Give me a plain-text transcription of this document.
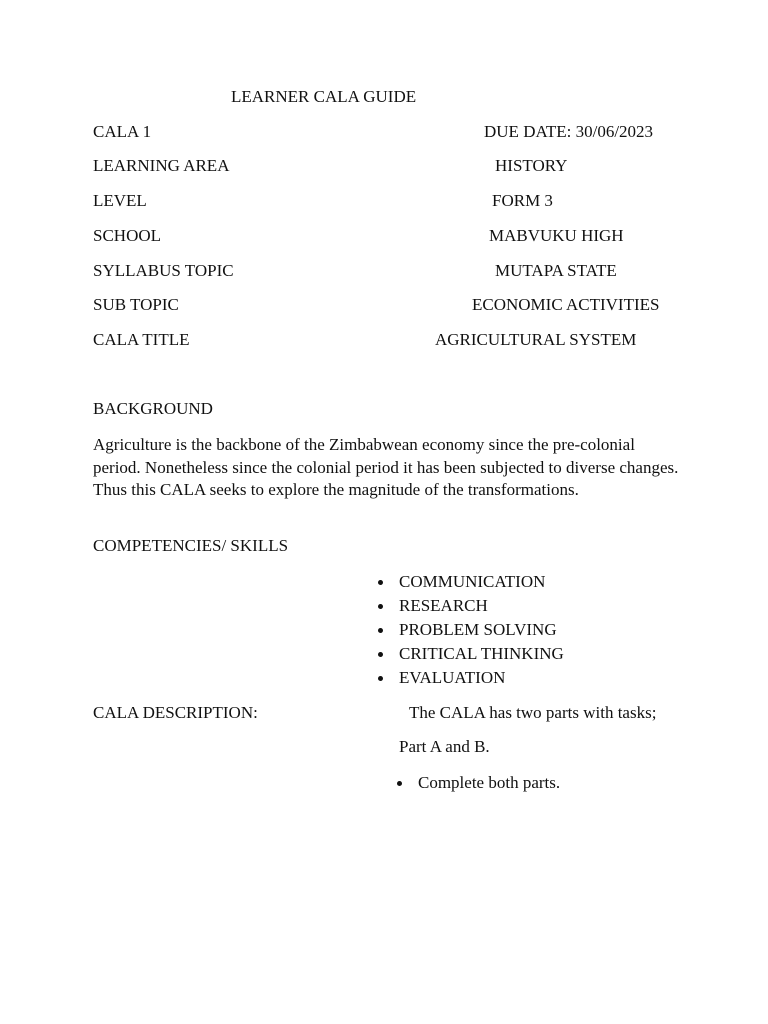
LEARNER CALA GUIDE
CALA 1	DUE DATE: 30/06/2023
LEARNING AREA	HISTORY
LEVEL	FORM 3
SCHOOL	MABVUKU HIGH
SYLLABUS TOPIC	MUTAPA STATE
SUB TOPIC	ECONOMIC ACTIVITIES
CALA TITLE	AGRICULTURAL SYSTEM
BACKGROUND
Agriculture is the backbone of the Zimbabwean economy since the pre-colonial period. Nonetheless since the colonial period it has been subjected to diverse changes. Thus this CALA seeks to explore the magnitude of the transformations.
COMPETENCIES/ SKILLS
COMMUNICATION
RESEARCH
PROBLEM SOLVING
CRITICAL THINKING
EVALUATION
CALA DESCRIPTION:	The CALA has two parts with tasks;
Part A and B.
Complete both parts.
